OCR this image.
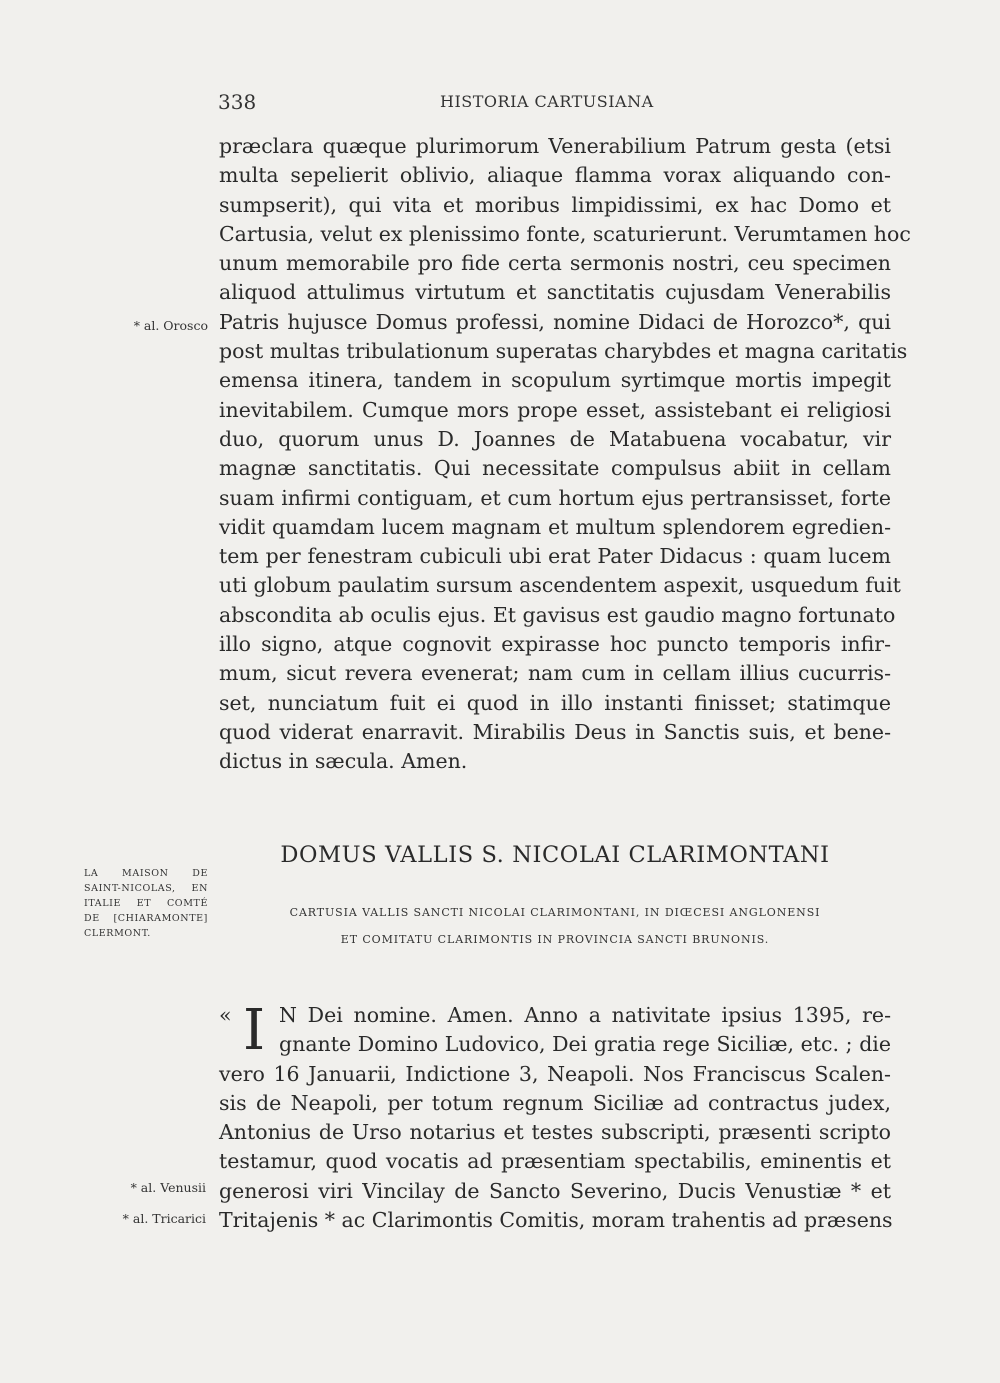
338	HISTORIA CARTUSIANA
* al. Orosco
præclara quæque plurimorum Venerabilium Patrum gesta (etsi
multa sepelierit oblivio, aliaque flamma vorax aliquando con-
sumpserit), qui vita et moribus limpidissimi, ex hac Domo et
Cartusia, velut ex plenissimo fonte, scaturierunt. Verumtamen hoc
unum memorabile pro fide certa sermonis nostri, ceu specimen
aliquod attulimus virtutum et sanctitatis cujusdam Venerabilis
Patris hujusce Domus professi, nomine Didaci de Horozco*, qui
post multas tribulationum superatas charybdes et magna caritatis
emensa itinera, tandem in scopulum syrtimque mortis impegit
inevitabilem. Cumque mors prope esset, assistebant ei religiosi
duo, quorum unus D. Joannes de Matabuena vocabatur, vir
magnæ sanctitatis. Qui necessitate compulsus abiit in cellam
suam infirmi contiguam, et cum hortum ejus pertransisset, forte
vidit quamdam lucem magnam et multum splendorem egredien-
tem per fenestram cubiculi ubi erat Pater Didacus : quam lucem
uti globum paulatim sursum ascendentem aspexit, usquedum fuit
abscondita ab oculis ejus. Et gavisus est gaudio magno fortunato
illo signo, atque cognovit expirasse hoc puncto temporis infir-
mum, sicut revera evenerat; nam cum in cellam illius cucurris-
set, nunciatum fuit ei quod in illo instanti finisset; statimque
quod viderat enarravit. Mirabilis Deus in Sanctis suis, et bene-
dictus in sæcula. Amen.
DOMUS VALLIS S. NICOLAI CLARIMONTANI
CARTUSIA VALLIS SANCTI NICOLAI CLARIMONTANI, IN DIŒCESI ANGLONENSI
ET COMITATU CLARIMONTIS IN PROVINCIA SANCTI BRUNONIS.
LA MAISON DE
SAINT-NICOLAS, EN
ITALIE ET COMTÉ
DE [CHIARAMONTE]
CLERMONT.
« I N Dei nomine. Amen. Anno a nativitate ipsius 1395, re-
gnante Domino Ludovico, Dei gratia rege Siciliæ, etc. ; die
vero 16 Januarii, Indictione 3, Neapoli. Nos Franciscus Scalen-
sis de Neapoli, per totum regnum Siciliæ ad contractus judex,
Antonius de Urso notarius et testes subscripti, præsenti scripto
testamur, quod vocatis ad præsentiam spectabilis, eminentis et
generosi viri Vincilay de Sancto Severino, Ducis Venustiæ * et
Tritajenis * ac Clarimontis Comitis, moram trahentis ad præsens
* al. Venusii
* al. Tricarici
